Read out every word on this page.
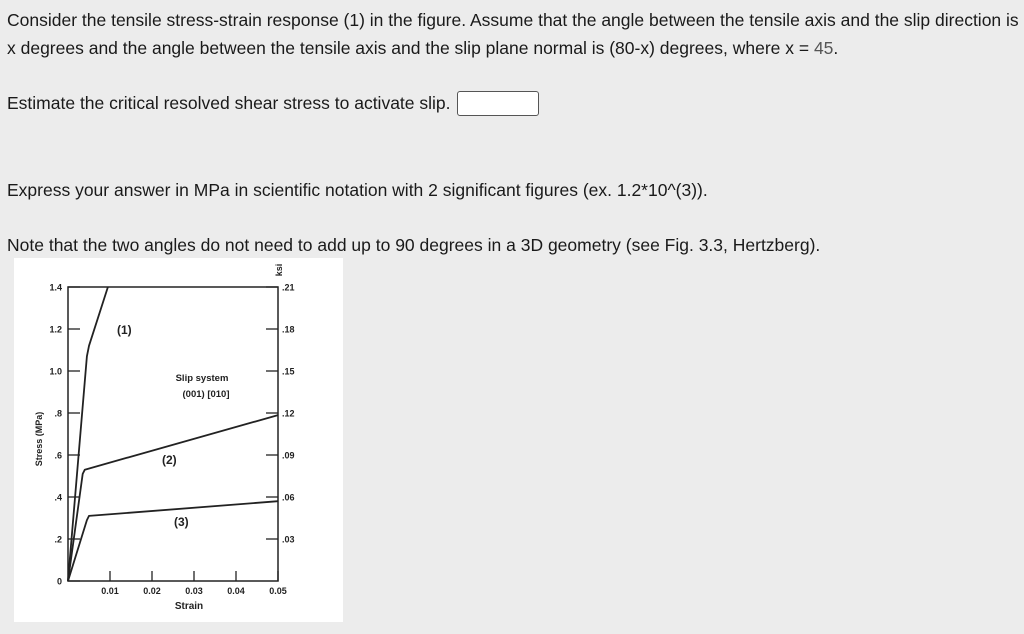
Consider the tensile stress-strain response (1) in the figure. Assume that the angle between the tensile axis and the slip direction is x degrees and the angle between the tensile axis and the slip plane normal is (80-x) degrees, where x = 45.

Estimate the critical resolved shear stress to activate slip.

Express your answer in MPa in scientific notation with 2 significant figures (ex. 1.2*10^(3)).

Note that the two angles do not need to add up to 90 degrees in a 3D geometry (see Fig. 3.3, Hertzberg).

0
.2
.4
.6
.8
1.0
1.2
1.4
.03
.06
.09
.12
.15
.18
.21
0.01	0.02	0.03	0.04	0.05
Strain
Stress (MPa)
ksi
Slip system
(001) [010]
(1)
(2)
(3)
